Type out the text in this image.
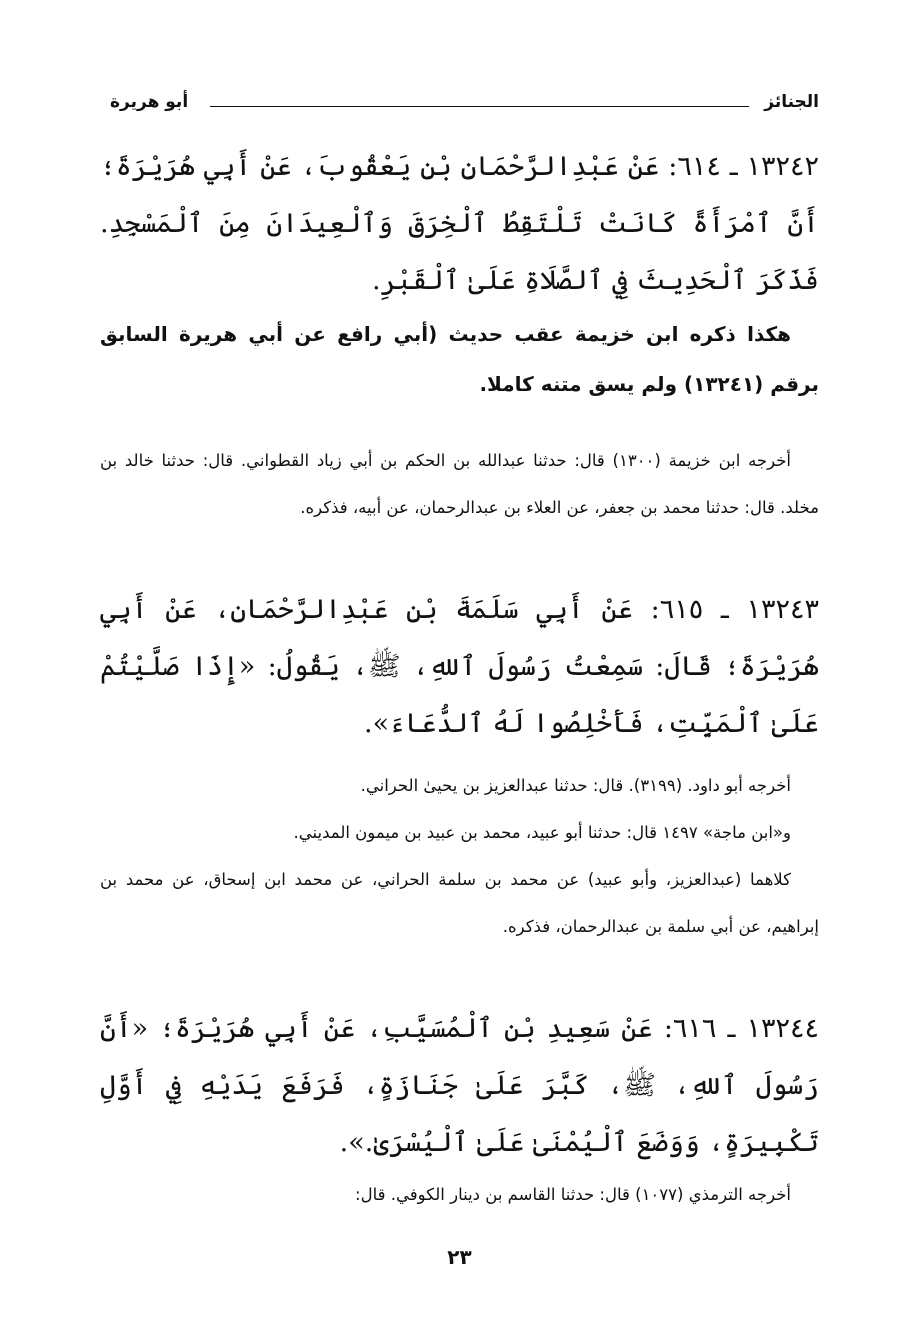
الجنائز
أبو هريرة

١٣٢٤٢ ـ ٦١٤: عَنْ عَبْدِالرَّحْمَانِ بْنِ يَعْقُوبَ، عَنْ أَبِي هُرَيْرَةَ؛ أَنَّ ٱمْرَأَةً كَانَتْ تَلْتَقِطُ ٱلْخِرَقَ وَٱلْعِيدَانَ مِنَ ٱلْمَسْجِدِ. فَذَكَرَ ٱلْحَدِيثَ فِي ٱلصَّلَاةِ عَلَىٰ ٱلْقَبْرِ.

هكذا ذكره ابن خزيمة عقب حديث (أبي رافع عن أبي هريرة السابق برقم (١٣٢٤١) ولم يسق متنه كاملا.

أخرجه ابن خزيمة (١٣٠٠) قال: حدثنا عبدالله بن الحكم بن أبي زياد القطواني. قال: حدثنا خالد بن مخلد. قال: حدثنا محمد بن جعفر، عن العلاء بن عبدالرحمان، عن أبيه، فذكره.

١٣٢٤٣ ـ ٦١٥: عَنْ أَبِي سَلَمَةَ بْنِ عَبْدِالرَّحْمَانِ، عَنْ أَبِي هُرَيْرَةَ؛ قَالَ: سَمِعْتُ رَسُولَ ٱللهِ، ﷺ، يَقُولُ: «إِذَا صَلَّيْتُمْ عَلَىٰ ٱلْمَيِّتِ، فَأَخْلِصُوا لَهُ ٱلدُّعَاءَ».

أخرجه أبو داود. (٣١٩٩). قال: حدثنا عبدالعزيز بن يحيىٰ الحراني.

و«ابن ماجة» ١٤٩٧ قال: حدثنا أبو عبيد، محمد بن عبيد بن ميمون المديني.

كلاهما (عبدالعزيز، وأبو عبيد) عن محمد بن سلمة الحراني، عن محمد ابن إسحاق، عن محمد بن إبراهيم، عن أبي سلمة بن عبدالرحمان، فذكره.

١٣٢٤٤ ـ ٦١٦: عَنْ سَعِيدِ بْنِ ٱلْمُسَيَّبِ، عَنْ أَبِي هُرَيْرَةَ؛ «أَنَّ رَسُولَ ٱللهِ، ﷺ، كَبَّرَ عَلَىٰ جَنَازَةٍ، فَرَفَعَ يَدَيْهِ فِي أَوَّلِ تَكْبِيرَةٍ، وَوَضَعَ ٱلْيُمْنَىٰ عَلَىٰ ٱلْيُسْرَىٰ.».

أخرجه الترمذي (١٠٧٧) قال: حدثنا القاسم بن دينار الكوفي. قال:

٢٣
